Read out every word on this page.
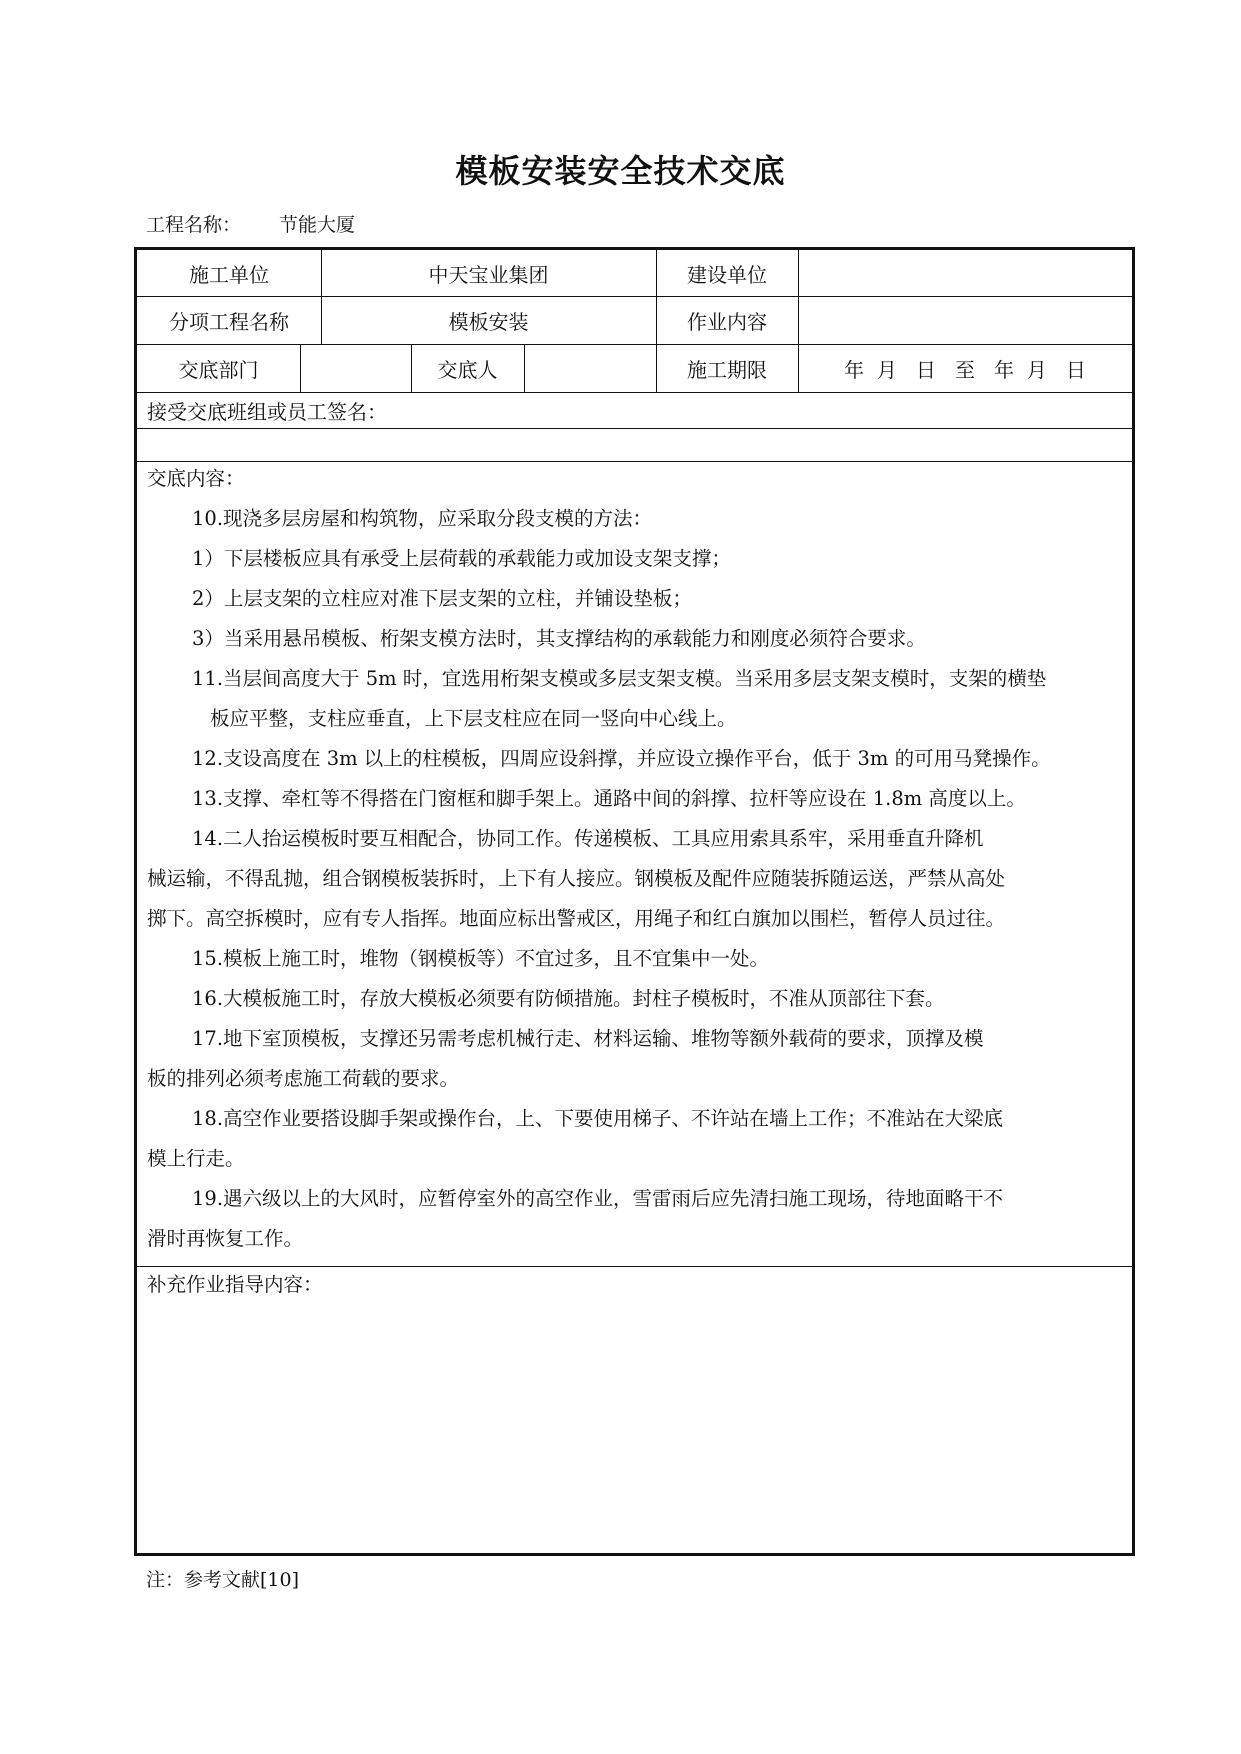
模板安装安全技术交底
工程名称： 节能大厦
施工单位	中天宝业集团	建设单位
分项工程名称	模板安装	作业内容
交底部门	交底人	施工期限	年  月   日   至   年  月   日
接受交底班组或员工签名：
交底内容：
10.现浇多层房屋和构筑物，应采取分段支模的方法：
1）下层楼板应具有承受上层荷载的承载能力或加设支架支撑；
2）上层支架的立柱应对准下层支架的立柱，并铺设垫板；
3）当采用悬吊模板、桁架支模方法时，其支撑结构的承载能力和刚度必须符合要求。
11.当层间高度大于 5m 时，宜选用桁架支模或多层支架支模。当采用多层支架支模时，支架的横垫
板应平整，支柱应垂直，上下层支柱应在同一竖向中心线上。
12.支设高度在 3m 以上的柱模板，四周应设斜撑，并应设立操作平台，低于 3m 的可用马凳操作。
13.支撑、牵杠等不得搭在门窗框和脚手架上。通路中间的斜撑、拉杆等应设在 1.8m 高度以上。
14.二人抬运模板时要互相配合，协同工作。传递模板、工具应用索具系牢，采用垂直升降机
械运输，不得乱抛，组合钢模板装拆时，上下有人接应。钢模板及配件应随装拆随运送，严禁从高处
掷下。高空拆模时，应有专人指挥。地面应标出警戒区，用绳子和红白旗加以围栏，暂停人员过往。
15.模板上施工时，堆物（钢模板等）不宜过多，且不宜集中一处。
16.大模板施工时，存放大模板必须要有防倾措施。封柱子模板时，不准从顶部往下套。
17.地下室顶模板，支撑还另需考虑机械行走、材料运输、堆物等额外载荷的要求，顶撑及模
板的排列必须考虑施工荷载的要求。
18.高空作业要搭设脚手架或操作台，上、下要使用梯子、不许站在墙上工作；不准站在大梁底
模上行走。
19.遇六级以上的大风时，应暂停室外的高空作业，雪雷雨后应先清扫施工现场，待地面略干不
滑时再恢复工作。
补充作业指导内容：
注：参考文献[10]
